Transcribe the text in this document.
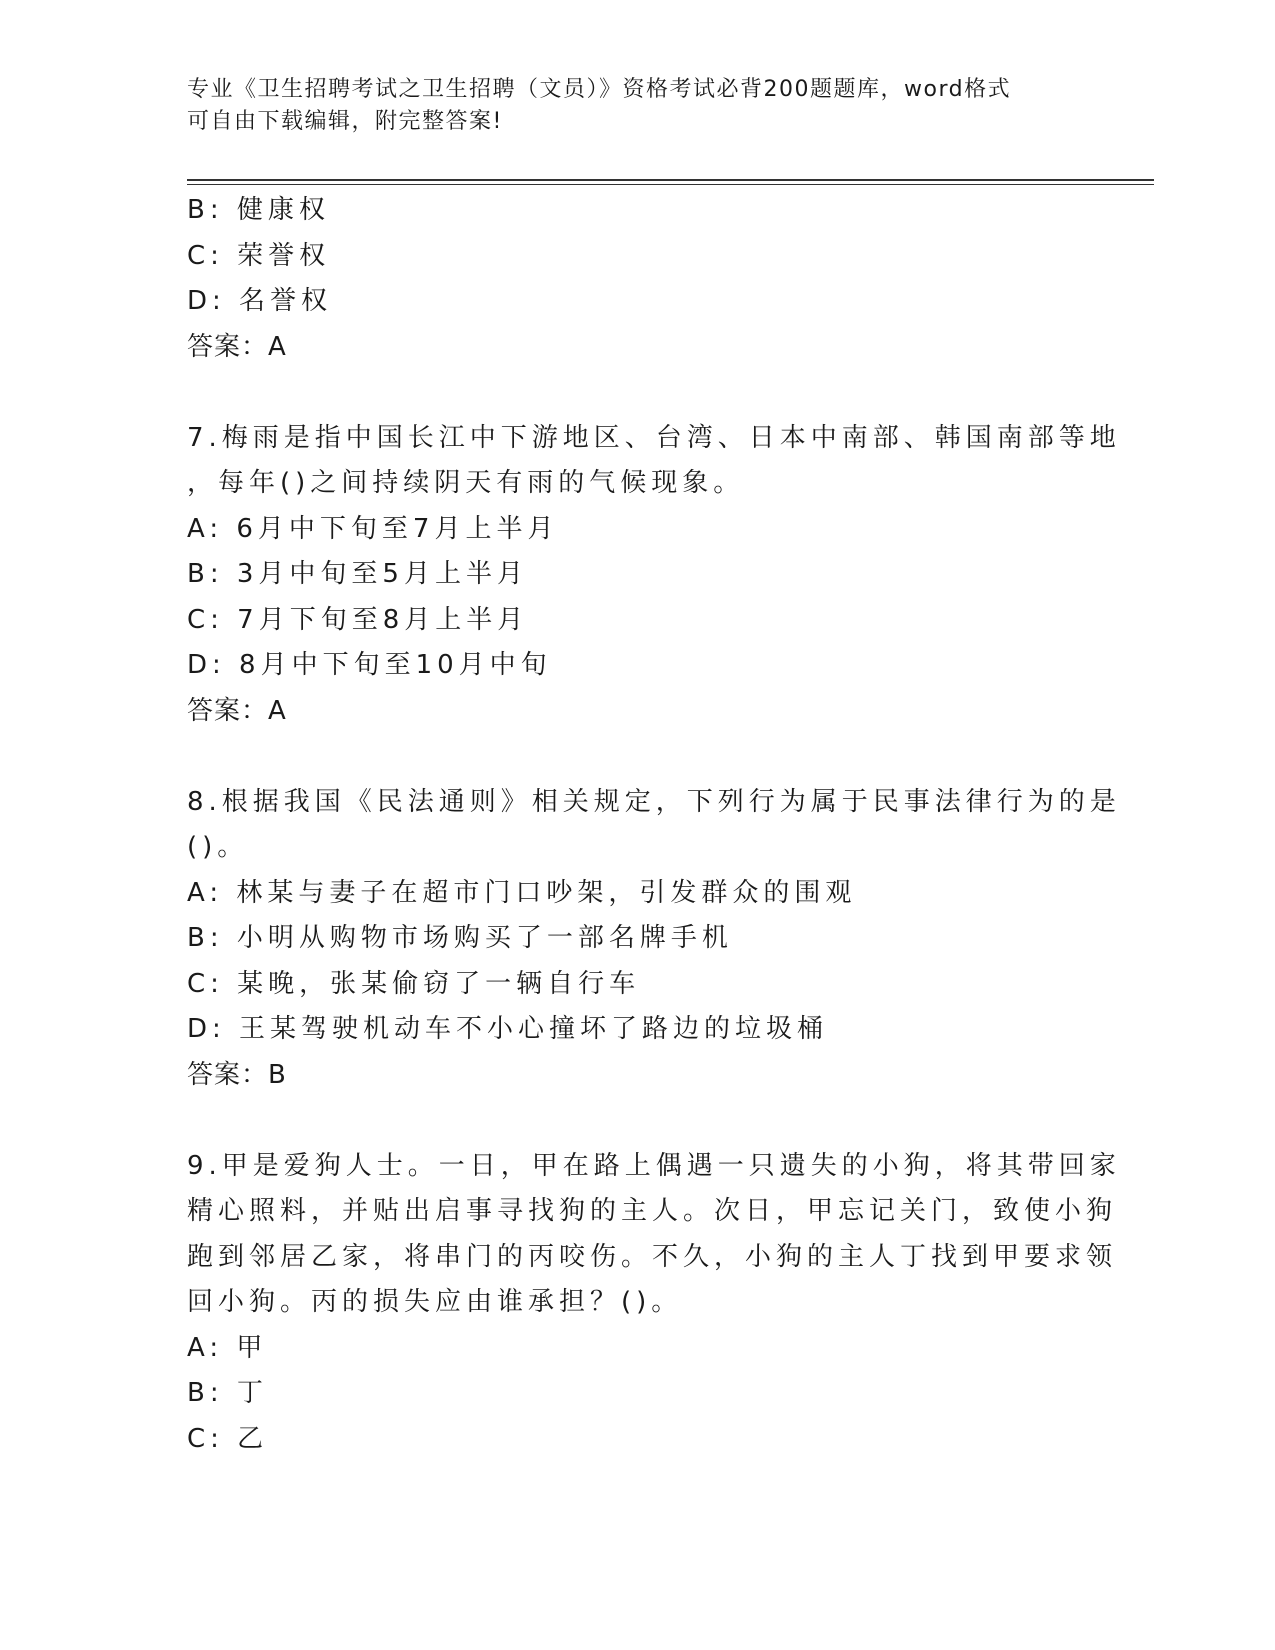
专业《卫生招聘考试之卫生招聘（文员）》资格考试必背200题题库，word格式
可自由下载编辑，附完整答案!
B: 健康权
C: 荣誉权
D: 名誉权
答案：A
7.梅雨是指中国长江中下游地区、台湾、日本中南部、韩国南部等地
，每年()之间持续阴天有雨的气候现象。
A: 6月中下旬至7月上半月
B: 3月中旬至5月上半月
C: 7月下旬至8月上半月
D: 8月中下旬至10月中旬
答案：A
8.根据我国《民法通则》相关规定，下列行为属于民事法律行为的是
()。
A: 林某与妻子在超市门口吵架，引发群众的围观
B: 小明从购物市场购买了一部名牌手机
C: 某晚，张某偷窃了一辆自行车
D: 王某驾驶机动车不小心撞坏了路边的垃圾桶
答案：B
9.甲是爱狗人士。一日，甲在路上偶遇一只遗失的小狗，将其带回家
精心照料，并贴出启事寻找狗的主人。次日，甲忘记关门，致使小狗
跑到邻居乙家，将串门的丙咬伤。不久，小狗的主人丁找到甲要求领
回小狗。丙的损失应由谁承担？()。
A: 甲
B: 丁
C: 乙
